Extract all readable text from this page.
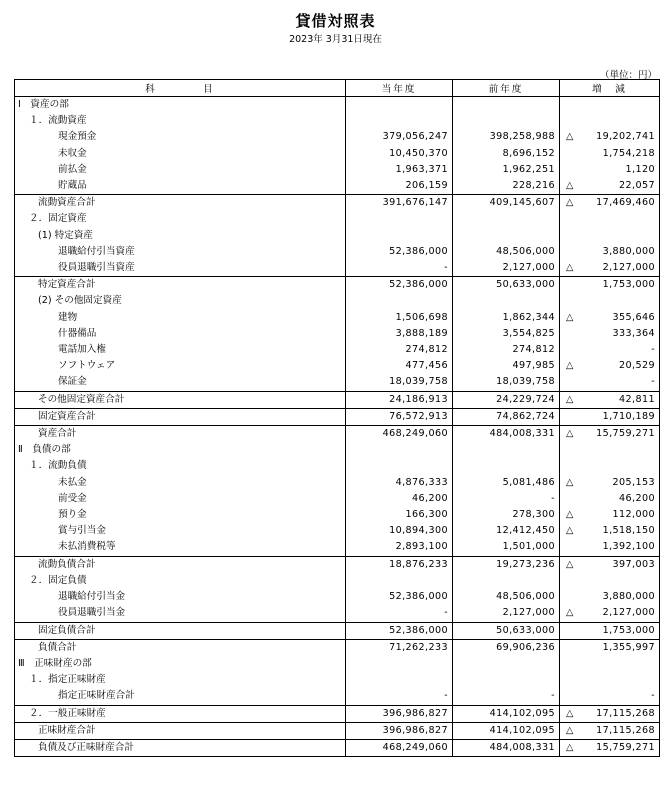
貸借対照表
2023年 3月31日現在
（単位：円）
科　　　　目	当年度	前年度	増　減
Ⅰ　資産の部			

１．流動資産			

現金預金	379,056,247	398,258,988	△ 19,202,741
未収金	10,450,370	8,696,152	1,754,218
前払金	1,963,371	1,962,251	1,120
貯蔵品	206,159	228,216	△ 22,057
流動資産合計	391,676,147	409,145,607	△ 17,469,460
２．固定資産			

(1) 特定資産			

退職給付引当資産	52,386,000	48,506,000	3,880,000
役員退職引当資産	-	2,127,000	△ 2,127,000
特定資産合計	52,386,000	50,633,000	1,753,000
(2) その他固定資産			

建物	1,506,698	1,862,344	△ 355,646
什器備品	3,888,189	3,554,825	333,364
電話加入権	274,812	274,812	-
ソフトウェア	477,456	497,985	△ 20,529
保証金	18,039,758	18,039,758	-
その他固定資産合計	24,186,913	24,229,724	△ 42,811
固定資産合計	76,572,913	74,862,724	1,710,189
資産合計	468,249,060	484,008,331	△ 15,759,271
Ⅱ　負債の部			

１．流動負債			

未払金	4,876,333	5,081,486	△ 205,153
前受金	46,200	-	46,200
預り金	166,300	278,300	△ 112,000
賞与引当金	10,894,300	12,412,450	△ 1,518,150
未払消費税等	2,893,100	1,501,000	1,392,100
流動負債合計	18,876,233	19,273,236	△ 397,003
２．固定負債			

退職給付引当金	52,386,000	48,506,000	3,880,000
役員退職引当金	-	2,127,000	△ 2,127,000
固定負債合計	52,386,000	50,633,000	1,753,000
負債合計	71,262,233	69,906,236	1,355,997
Ⅲ　正味財産の部			

１．指定正味財産			

指定正味財産合計	-	-	-
２．一般正味財産	396,986,827	414,102,095	△ 17,115,268
正味財産合計	396,986,827	414,102,095	△ 17,115,268
負債及び正味財産合計	468,249,060	484,008,331	△ 15,759,271
